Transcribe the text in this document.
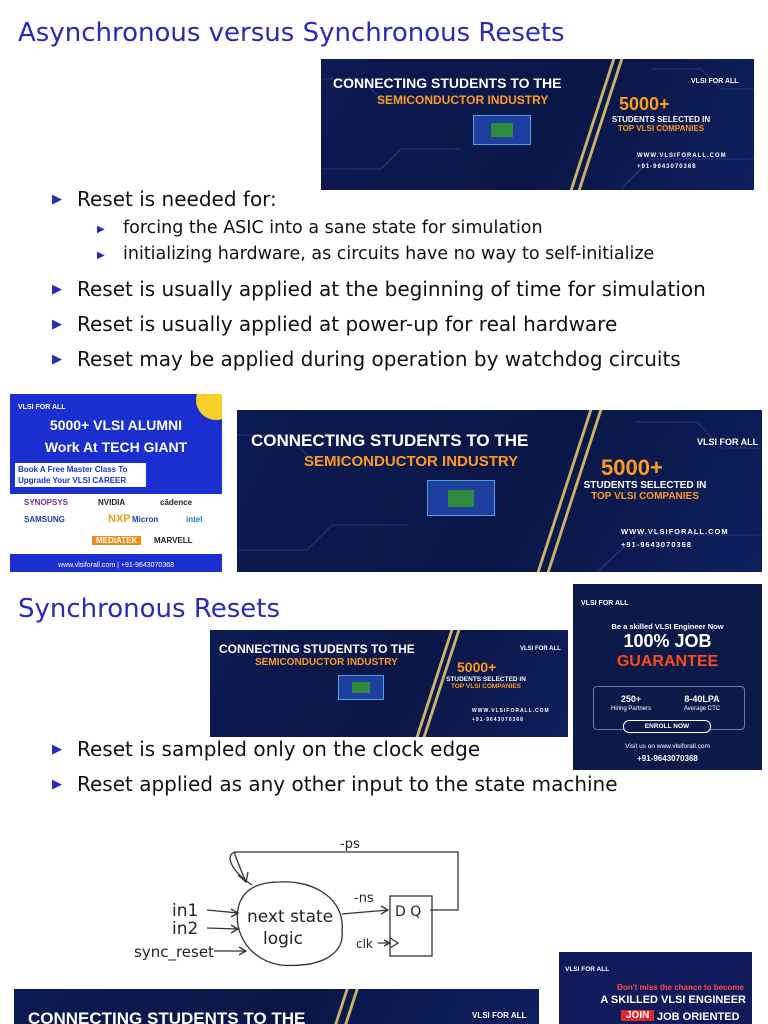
Asynchronous versus Synchronous Resets
CONNECTING STUDENTS TO THE
SEMICONDUCTOR INDUSTRY
VLSI FOR ALL
5000+
STUDENTS SELECTED IN
TOP VLSI COMPANIES
WWW.VLSIFORALL.COM
+91-9643070368
▶ Reset is needed for:
▶ forcing the ASIC into a sane state for simulation
▶ initializing hardware, as circuits have no way to self-initialize
▶ Reset is usually applied at the beginning of time for simulation
▶ Reset is usually applied at power-up for real hardware
▶ Reset may be applied during operation by watchdog circuits
VLSI FOR ALL
5000+ VLSI ALUMNI
Work At TECH GIANT
Book A Free Master Class To Upgrade Your VLSI CAREER
SYNOPSYS	NVIDIA	cādence
SAMSUNG	NXP Micron	intel
MEDIATEK	MARVELL
www.vlsiforall.com | +91-9643070368
CONNECTING STUDENTS TO THE
SEMICONDUCTOR INDUSTRY
VLSI FOR ALL
5000+
STUDENTS SELECTED IN
TOP VLSI COMPANIES
WWW.VLSIFORALL.COM
+91-9643070368
Synchronous Resets
CONNECTING STUDENTS TO THE
SEMICONDUCTOR INDUSTRY
VLSI FOR ALL
5000+
STUDENTS SELECTED IN
TOP VLSI COMPANIES
WWW.VLSIFORALL.COM
+91-9643070368
VLSI FOR ALL
Be a skilled VLSI Engineer Now
100% JOB
GUARANTEE
250+
Hiring Partners
8-40LPA
Average CTC
ENROLL NOW
Visit us on www.vlsiforall.com
+91-9643070368
▶ Reset is sampled only on the clock edge
▶ Reset applied as any other input to the state machine
-ps
next state
logic
in1
in2
sync_reset
-ns
D Q
clk
CONNECTING STUDENTS TO THE	VLSI FOR ALL
VLSI FOR ALL
Don't miss the chance to become
A SKILLED VLSI ENGINEER
JOIN JOB ORIENTED
